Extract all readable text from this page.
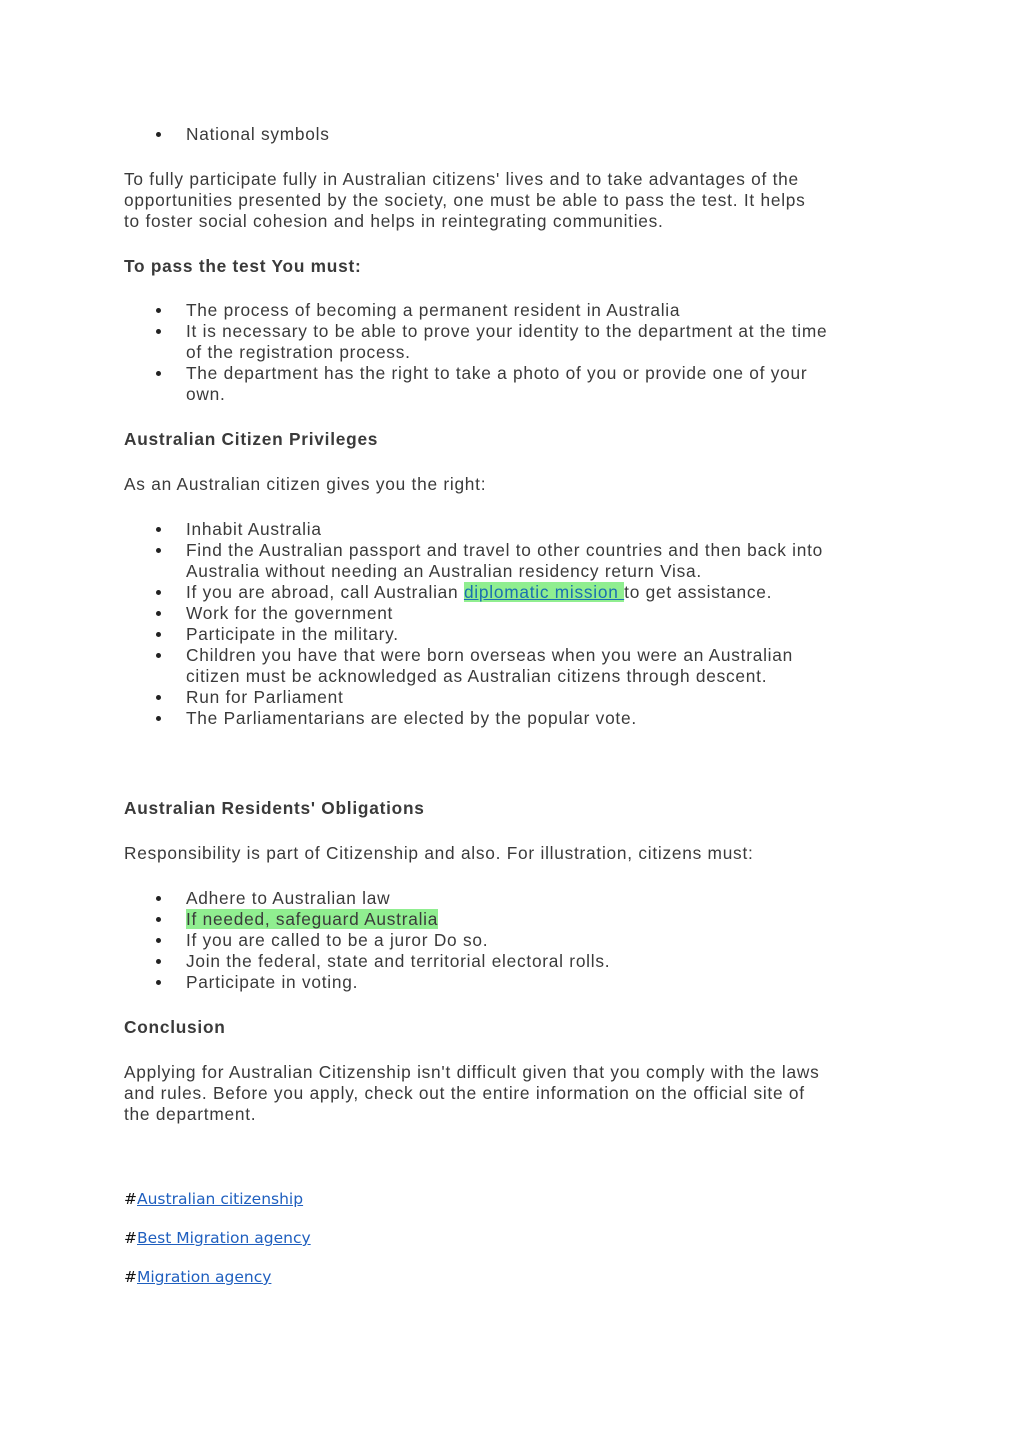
National symbols
To fully participate fully in Australian citizens' lives and to take advantages of the
opportunities presented by the society, one must be able to pass the test. It helps
to foster social cohesion and helps in reintegrating communities.
To pass the test You must:
The process of becoming a permanent resident in Australia
It is necessary to be able to prove your identity to the department at the time
of the registration process.
The department has the right to take a photo of you or provide one of your
own.
Australian Citizen Privileges
As an Australian citizen gives you the right:
Inhabit Australia
Find the Australian passport and travel to other countries and then back into
Australia without needing an Australian residency return Visa.
If you are abroad, call Australian diplomatic mission to get assistance.
Work for the government
Participate in the military.
Children you have that were born overseas when you were an Australian
citizen must be acknowledged as Australian citizens through descent.
Run for Parliament
The Parliamentarians are elected by the popular vote.
Australian Residents' Obligations
Responsibility is part of Citizenship and also. For illustration, citizens must:
Adhere to Australian law
If needed, safeguard Australia
If you are called to be a juror Do so.
Join the federal, state and territorial electoral rolls.
Participate in voting.
Conclusion
Applying for Australian Citizenship isn't difficult given that you comply with the laws
and rules. Before you apply, check out the entire information on the official site of
the department.
#Australian citizenship
#Best Migration agency
#Migration agency
